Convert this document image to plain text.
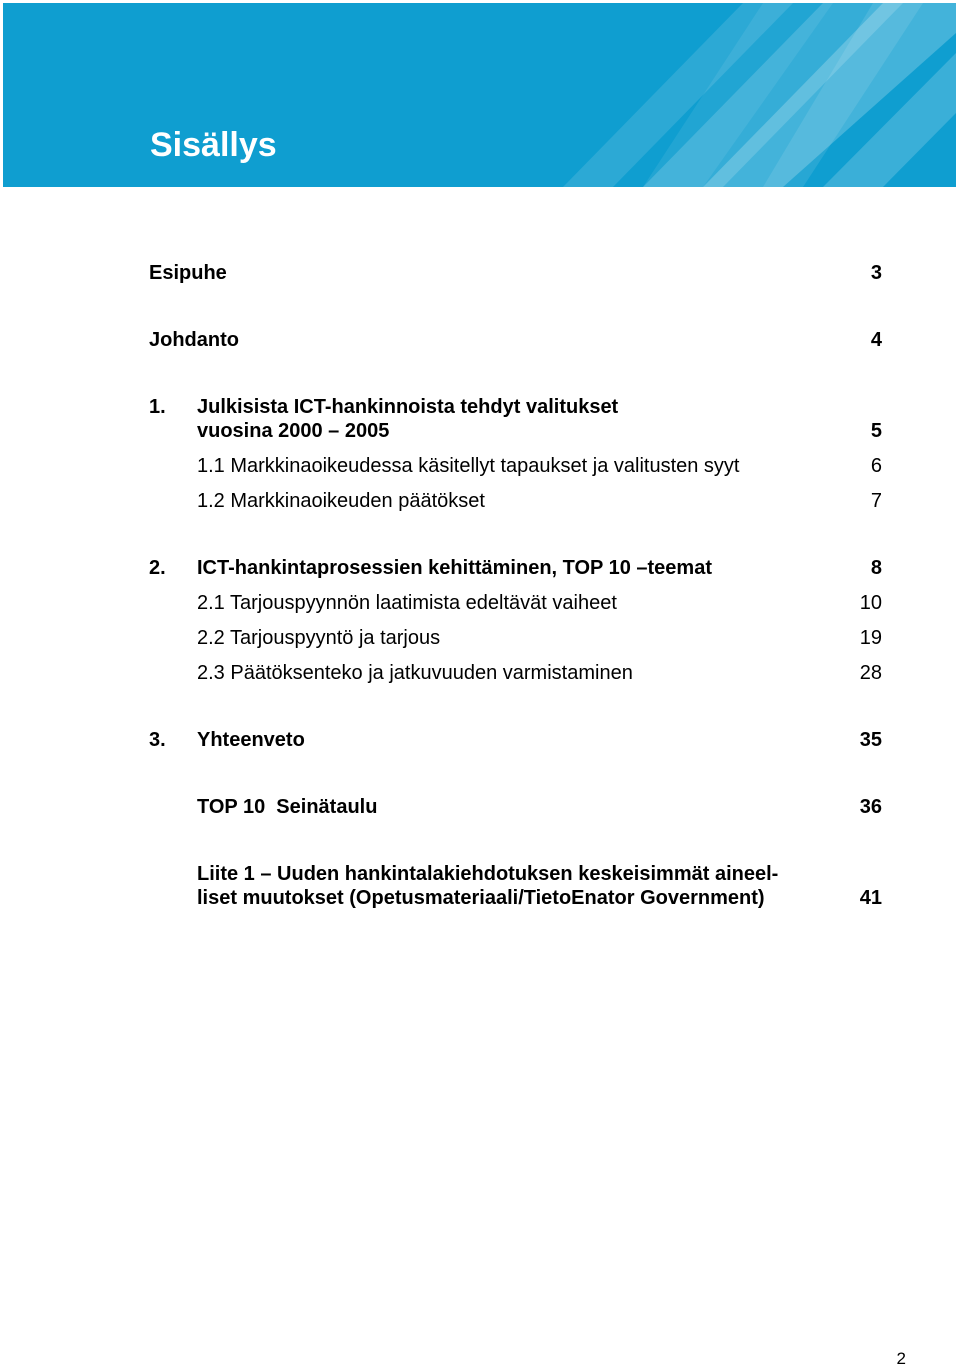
Sisällys
Esipuhe	3
Johdanto	4
1. Julkisista ICT-hankinnoista tehdyt valitukset
vuosina 2000 – 2005	5
1.1 Markkinaoikeudessa käsitellyt tapaukset ja valitusten syyt	6
1.2 Markkinaoikeuden päätökset	7
2. ICT-hankintaprosessien kehittäminen, TOP 10 –teemat	8
2.1 Tarjouspyynnön laatimista edeltävät vaiheet	10
2.2 Tarjouspyyntö ja tarjous	19
2.3 Päätöksenteko ja jatkuvuuden varmistaminen	28
3. Yhteenveto	35
TOP 10  Seinätaulu	36
Liite 1 – Uuden hankintalakiehdotuksen keskeisimmät aineel-
liset muutokset (Opetusmateriaali/TietoEnator Government)	41
2
